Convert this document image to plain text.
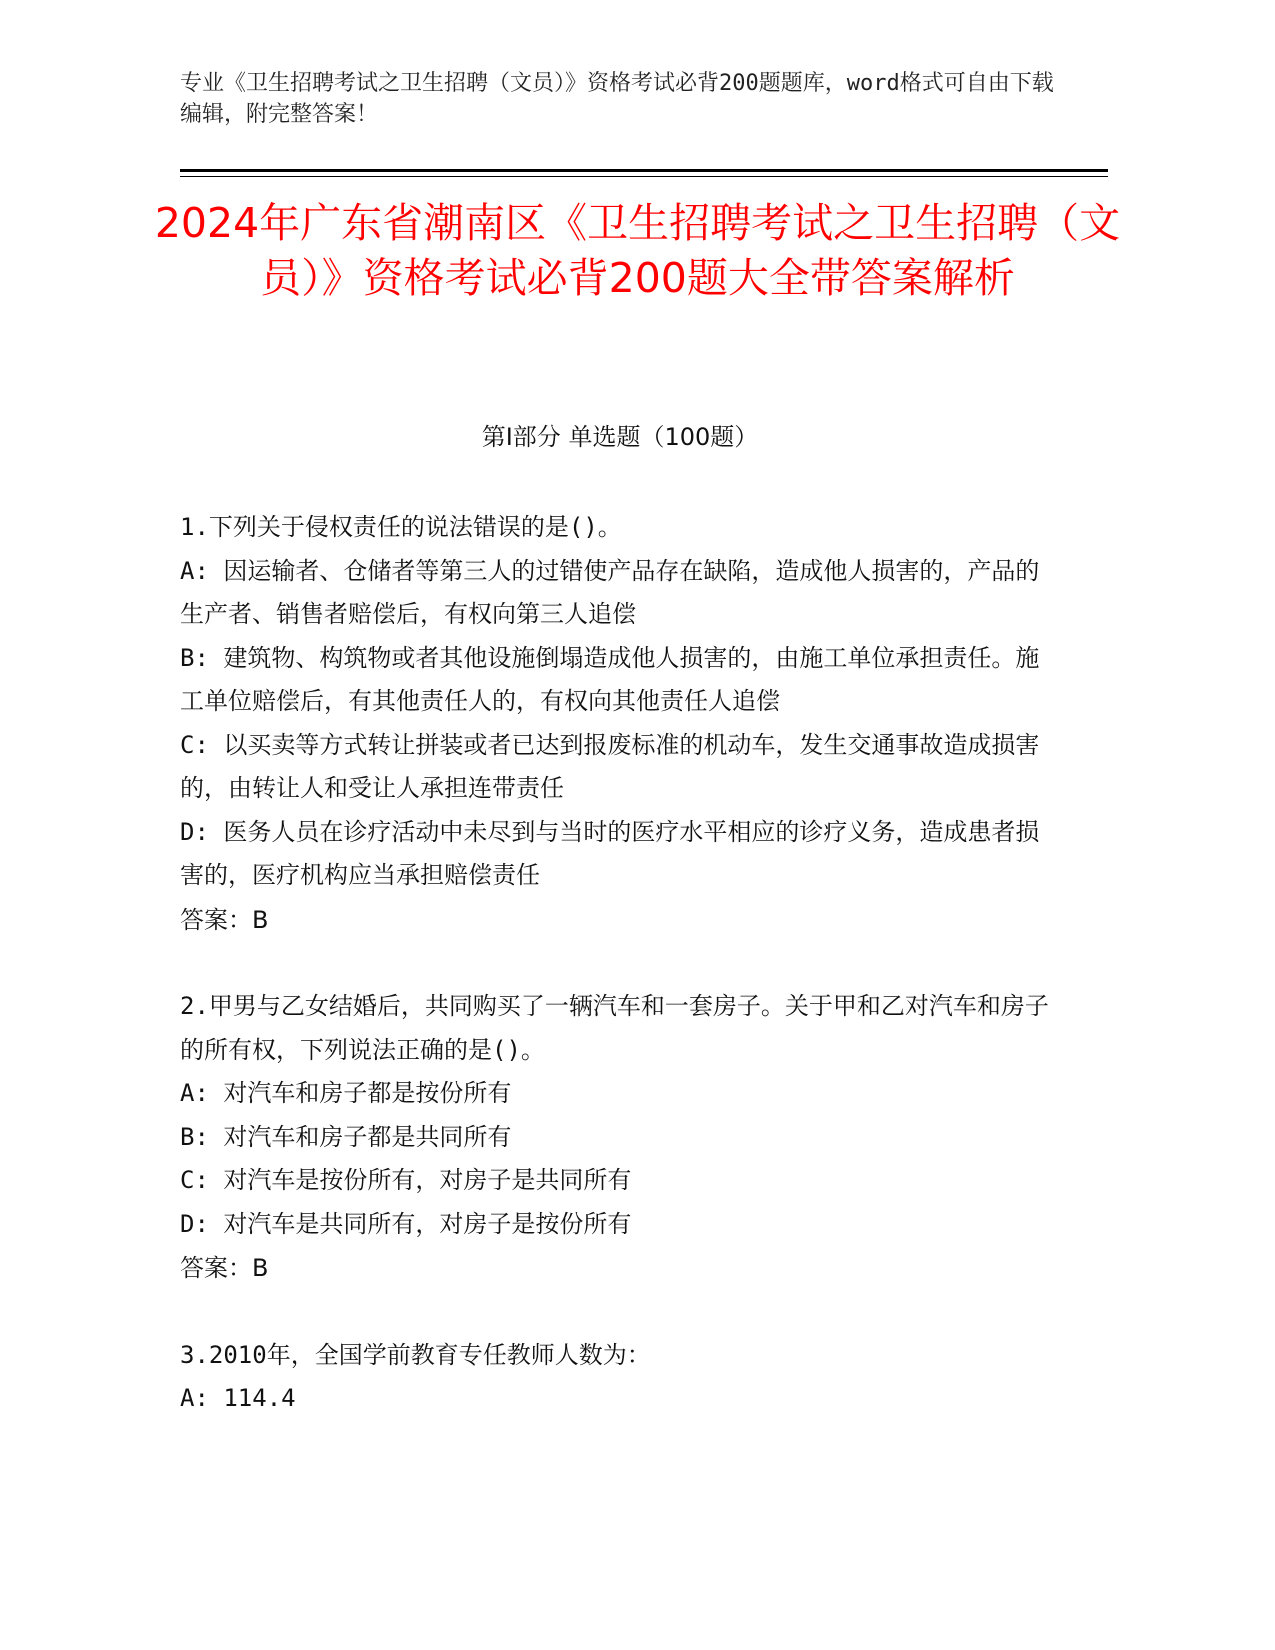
专业《卫生招聘考试之卫生招聘（文员）》资格考试必背200题题库，word格式可自由下载编辑，附完整答案！
2024年广东省潮南区《卫生招聘考试之卫生招聘（文员）》资格考试必背200题大全带答案解析
第I部分 单选题（100题）

1.下列关于侵权责任的说法错误的是()。

A: 因运输者、仓储者等第三人的过错使产品存在缺陷，造成他人损害的，产品的生产者、销售者赔偿后，有权向第三人追偿

B: 建筑物、构筑物或者其他设施倒塌造成他人损害的，由施工单位承担责任。施工单位赔偿后，有其他责任人的，有权向其他责任人追偿

C: 以买卖等方式转让拼装或者已达到报废标准的机动车，发生交通事故造成损害的，由转让人和受让人承担连带责任

D: 医务人员在诊疗活动中未尽到与当时的医疗水平相应的诊疗义务，造成患者损害的，医疗机构应当承担赔偿责任

答案：B

2.甲男与乙女结婚后，共同购买了一辆汽车和一套房子。关于甲和乙对汽车和房子的所有权，下列说法正确的是()。

A: 对汽车和房子都是按份所有

B: 对汽车和房子都是共同所有

C: 对汽车是按份所有，对房子是共同所有

D: 对汽车是共同所有，对房子是按份所有

答案：B

3.2010年，全国学前教育专任教师人数为：

A: 114.4
